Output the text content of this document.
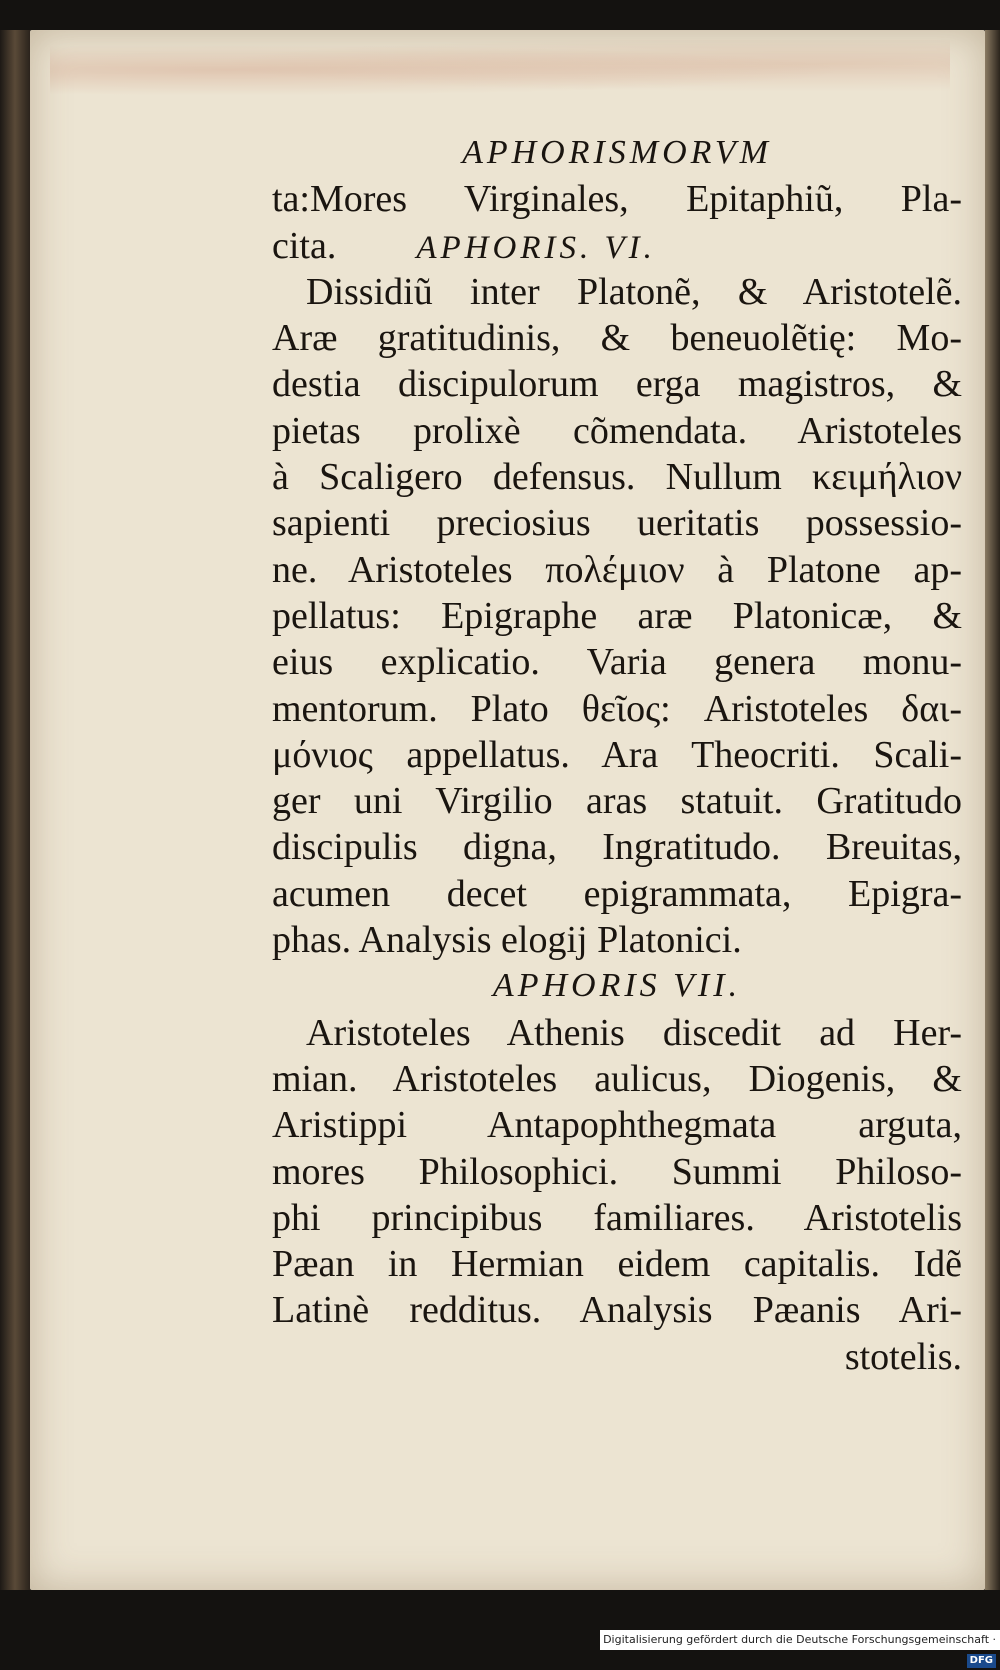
APHORISMORVM
ta:Mores Virginales, Epitaphiũ, Pla-
cita. APHORIS. VI.
Dissidiũ inter Platonẽ, & Aristotelẽ.
Aræ gratitudinis, & beneuolẽtię: Mo-
destia discipulorum erga magistros, &
pietas prolixè cõmendata. Aristoteles
à Scaligero defensus. Nullum κειμήλιον
sapienti preciosius ueritatis possessio-
ne. Aristoteles πολέμιον à Platone ap-
pellatus: Epigraphe aræ Platonicæ, &
eius explicatio. Varia genera monu-
mentorum. Plato θεῖος: Aristoteles δαι-
μόνιος appellatus. Ara Theocriti. Scali-
ger uni Virgilio aras statuit. Gratitudo
discipulis digna, Ingratitudo. Breuitas,
acumen decet epigrammata, Epigra-
phas. Analysis elogij Platonici.
APHORIS VII.
Aristoteles Athenis discedit ad Her-
mian. Aristoteles aulicus, Diogenis, &
Aristippi Antapophthegmata arguta,
mores Philosophici. Summi Philoso-
phi principibus familiares. Aristotelis
Pæan in Hermian eidem capitalis. Idẽ
Latinè redditus. Analysis Pæanis Ari-
stotelis.
Digitalisierung gefördert durch die Deutsche Forschungsgemeinschaft ·DFG
